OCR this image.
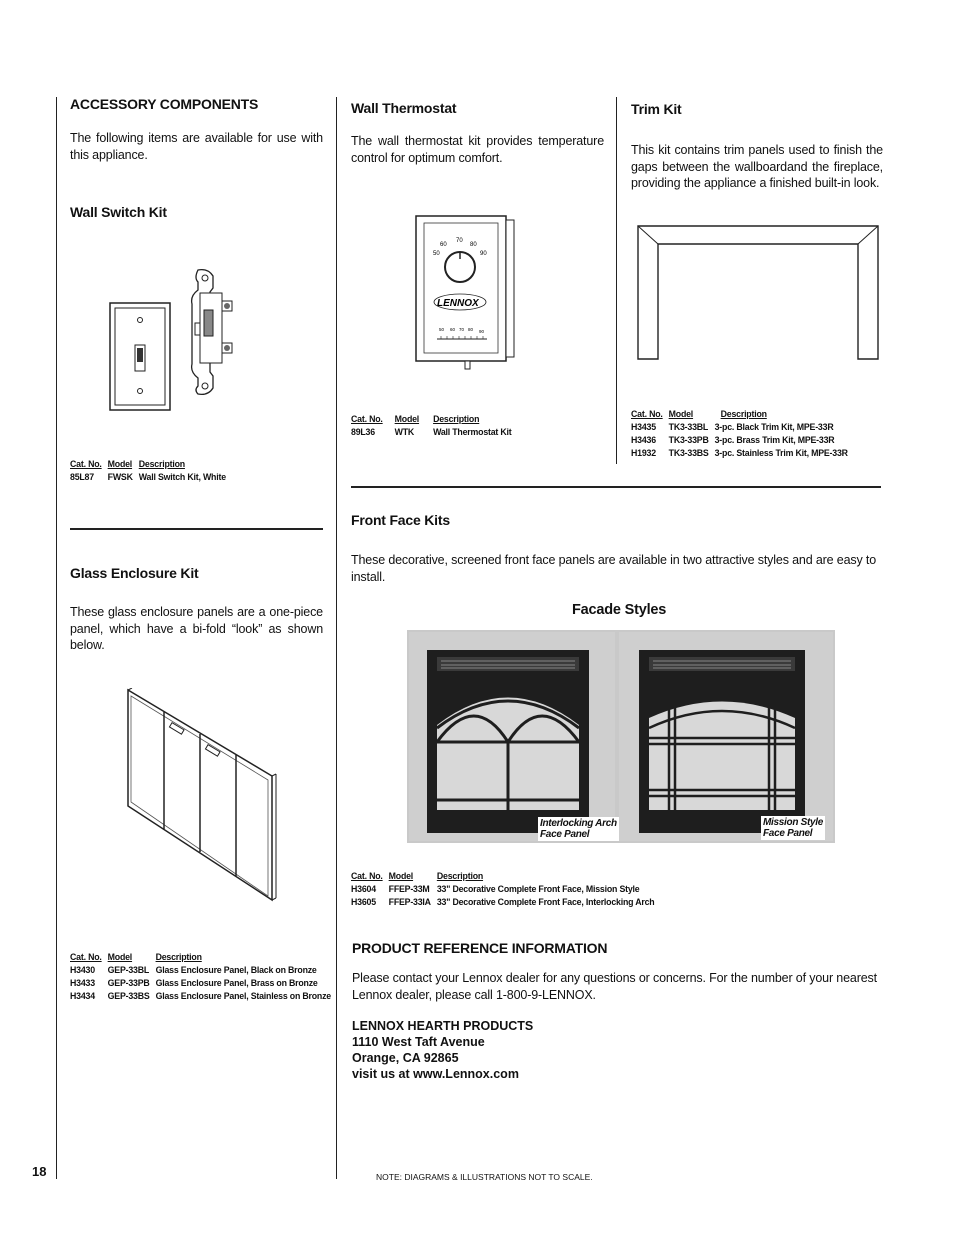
ACCESSORY COMPONENTS
The following items are available for use with this appliance.
Wall Switch Kit
Cat. No.	Model	Description
85L87	FWSK	Wall Switch Kit, White
Glass Enclosure Kit
These glass enclosure panels are a one-piece panel, which have a bi-fold “look” as shown below.
Cat. No.	Model	Description
H3430	GEP-33BL	Glass Enclosure Panel, Black on Bronze
H3433	GEP-33PB	Glass Enclosure Panel, Brass on Bronze
H3434	GEP-33BS	Glass Enclosure Panel, Stainless on Bronze
18
Wall Thermostat
The wall thermostat kit provides temperature control for optimum comfort.
50
60
70
80
90
LENNOX
50 60 70 80 90
Cat. No.	Model	Description
89L36	WTK	Wall Thermostat Kit
Trim Kit
This kit contains trim panels used to finish the gaps between the wallboardand the fireplace, providing the appliance a finished built-in look.
Cat. No.	Model	Description
H3435	TK3-33BL	3-pc. Black Trim Kit, MPE-33R
H3436	TK3-33PB	3-pc. Brass Trim Kit, MPE-33R
H1932	TK3-33BS	3-pc. Stainless Trim Kit, MPE-33R
Front Face Kits
These decorative, screened front face panels are available in two attractive styles and are easy to install.
Facade Styles
Interlocking Arch
Face Panel
Mission Style
Face Panel
Cat. No.	Model	Description
H3604	FFEP-33M	33" Decorative Complete Front Face, Mission Style
H3605	FFEP-33IA	33" Decorative Complete Front Face, Interlocking Arch
PRODUCT REFERENCE INFORMATION
Please contact your Lennox dealer for any questions or concerns. For the number of your nearest Lennox dealer, please call 1-800-9-LENNOX.
LENNOX HEARTH PRODUCTS
1110 West Taft Avenue
Orange, CA 92865
visit us at www.Lennox.com
NOTE: DIAGRAMS & ILLUSTRATIONS NOT TO SCALE.
